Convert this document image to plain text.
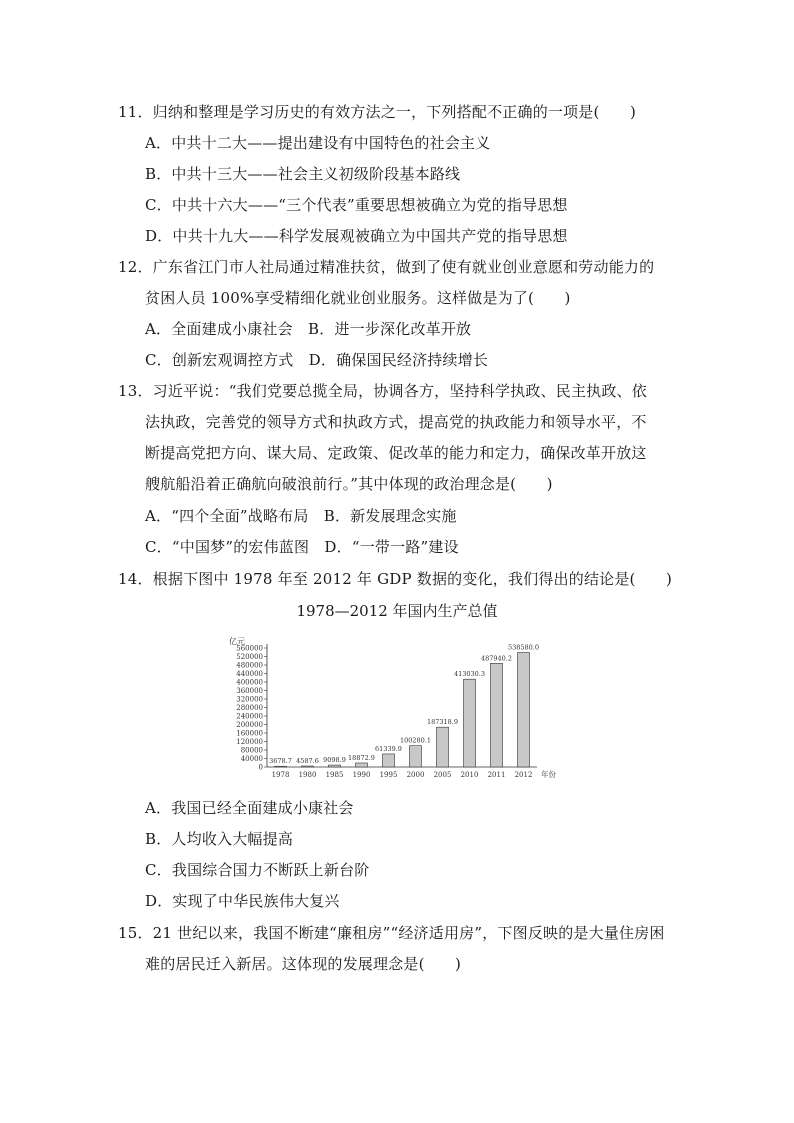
11．归纳和整理是学习历史的有效方法之一，下列搭配不正确的一项是(　　)
A．中共十二大——提出建设有中国特色的社会主义
B．中共十三大——社会主义初级阶段基本路线
C．中共十六大——“三个代表”重要思想被确立为党的指导思想
D．中共十九大——科学发展观被确立为中国共产党的指导思想
12．广东省江门市人社局通过精准扶贫，做到了使有就业创业意愿和劳动能力的
贫困人员 100%享受精细化就业创业服务。这样做是为了(　　)
A．全面建成小康社会　B．进一步深化改革开放
C．创新宏观调控方式　D．确保国民经济持续增长
13．习近平说：“我们党要总揽全局，协调各方，坚持科学执政、民主执政、依
法执政，完善党的领导方式和执政方式，提高党的执政能力和领导水平，不
断提高党把方向、谋大局、定政策、促改革的能力和定力，确保改革开放这
艘航船沿着正确航向破浪前行。”其中体现的政治理念是(　　)
A．“四个全面”战略布局　B．新发展理念实施
C．“中国梦”的宏伟蓝图　D．“一带一路”建设
14．根据下图中 1978 年至 2012 年 GDP 数据的变化，我们得出的结论是(　　)
1978—2012 年国内生产总值
亿元
0
40000
80000
120000
160000
200000
240000
280000
320000
360000
400000
440000
480000
520000
560000
3678.7
1978
4587.6
1980
9098.9
1985
18872.9
1990
61339.9
1995
100280.1
2000
187318.9
2005
413030.3
2010
487940.2
2011
538580.0
2012 年份
A．我国已经全面建成小康社会
B．人均收入大幅提高
C．我国综合国力不断跃上新台阶
D．实现了中华民族伟大复兴
15．21 世纪以来，我国不断建“廉租房”“经济适用房”，下图反映的是大量住房困
难的居民迁入新居。这体现的发展理念是(　　)
